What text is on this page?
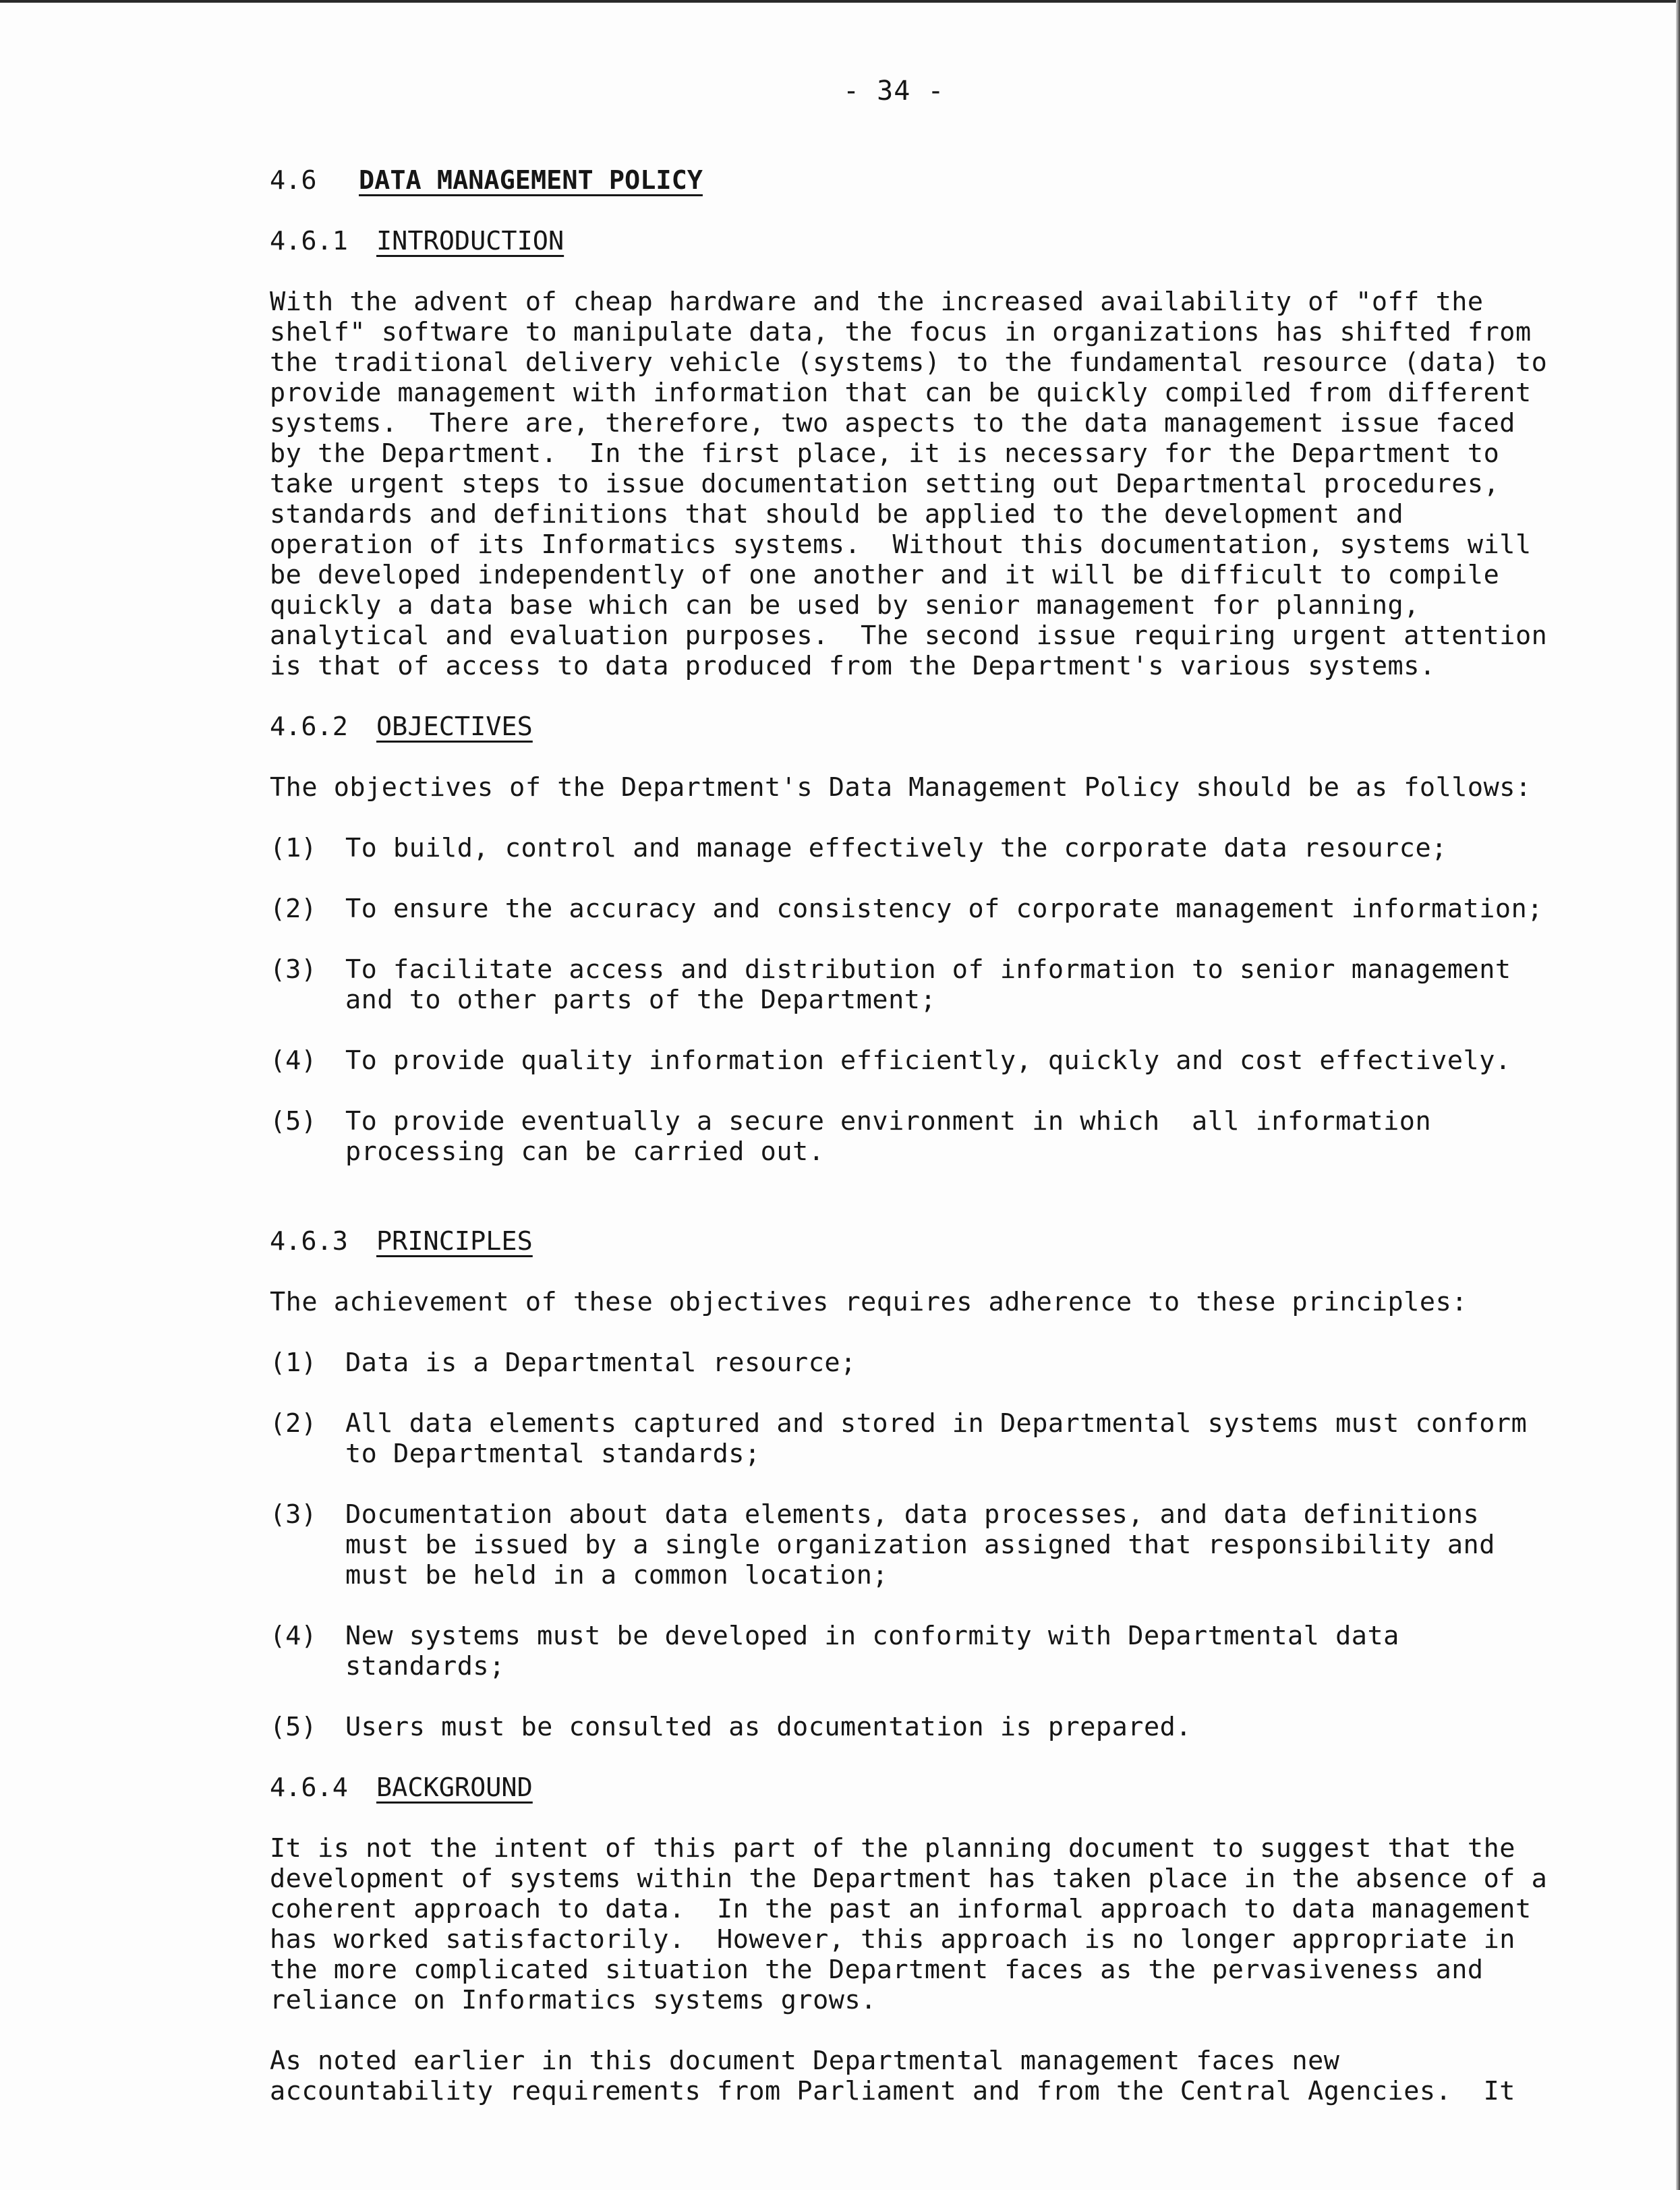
- 34 -
4.6 DATA MANAGEMENT POLICY
4.6.1 INTRODUCTION

With the advent of cheap hardware and the increased availability of "off the

shelf" software to manipulate data, the focus in organizations has shifted from

the traditional delivery vehicle (systems) to the fundamental resource (data) to

provide management with information that can be quickly compiled from different

systems.  There are, therefore, two aspects to the data management issue faced

by the Department.  In the first place, it is necessary for the Department to

take urgent steps to issue documentation setting out Departmental procedures,

standards and definitions that should be applied to the development and

operation of its Informatics systems.  Without this documentation, systems will

be developed independently of one another and it will be difficult to compile

quickly a data base which can be used by senior management for planning,

analytical and evaluation purposes.  The second issue requiring urgent attention

is that of access to data produced from the Department's various systems.

4.6.2 OBJECTIVES

The objectives of the Department's Data Management Policy should be as follows:

(1)	To build, control and manage effectively the corporate data resource;

(2)	To ensure the accuracy and consistency of corporate management information;

(3)	To facilitate access and distribution of information to senior management

and to other parts of the Department;

(4)	To provide quality information efficiently, quickly and cost effectively.

(5)	To provide eventually a secure environment in which  all information

processing can be carried out.

4.6.3 PRINCIPLES

The achievement of these objectives requires adherence to these principles:

(1)	Data is a Departmental resource;

(2)	All data elements captured and stored in Departmental systems must conform

to Departmental standards;

(3)	Documentation about data elements, data processes, and data definitions

must be issued by a single organization assigned that responsibility and

must be held in a common location;

(4)	New systems must be developed in conformity with Departmental data

standards;

(5)	Users must be consulted as documentation is prepared.

4.6.4 BACKGROUND

It is not the intent of this part of the planning document to suggest that the

development of systems within the Department has taken place in the absence of a

coherent approach to data.  In the past an informal approach to data management

has worked satisfactorily.  However, this approach is no longer appropriate in

the more complicated situation the Department faces as the pervasiveness and

reliance on Informatics systems grows.

As noted earlier in this document Departmental management faces new

accountability requirements from Parliament and from the Central Agencies.  It
